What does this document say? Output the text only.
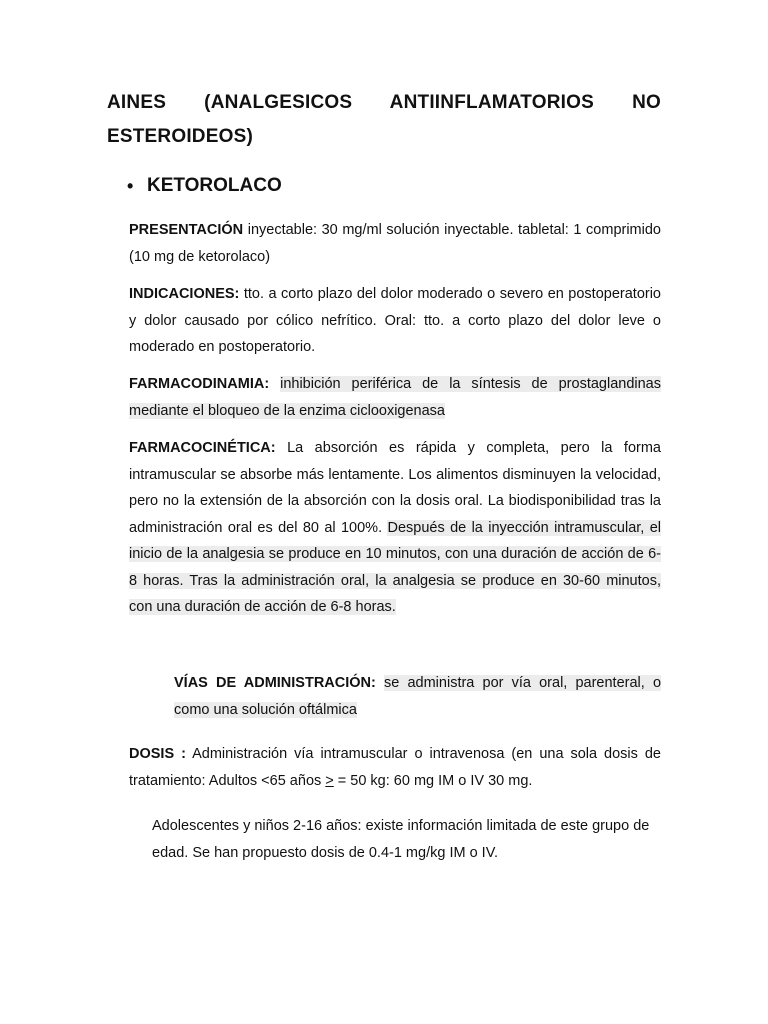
AINES (ANALGESICOS ANTIINFLAMATORIOS NO ESTEROIDEOS)
• KETOROLACO
PRESENTACIÓN inyectable: 30 mg/ml solución inyectable. tabletal: 1 comprimido (10 mg de ketorolaco)
INDICACIONES: tto. a corto plazo del dolor moderado o severo en postoperatorio y dolor causado por cólico nefrítico. Oral: tto. a corto plazo del dolor leve o moderado en postoperatorio.
FARMACODINAMIA: inhibición periférica de la síntesis de prostaglandinas mediante el bloqueo de la enzima ciclooxigenasa
FARMACOCINÉTICA: La absorción es rápida y completa, pero la forma intramuscular se absorbe más lentamente. Los alimentos disminuyen la velocidad, pero no la extensión de la absorción con la dosis oral. La biodisponibilidad tras la administración oral es del 80 al 100%. Después de la inyección intramuscular, el inicio de la analgesia se produce en 10 minutos, con una duración de acción de 6-8 horas. Tras la administración oral, la analgesia se produce en 30-60 minutos, con una duración de acción de 6-8 horas.
VÍAS DE ADMINISTRACIÓN: se administra por vía oral, parenteral, o como una solución oftálmica
DOSIS : Administración vía intramuscular o intravenosa (en una sola dosis de tratamiento: Adultos <65 años > = 50 kg: 60 mg IM o IV 30 mg.
Adolescentes y niños 2-16 años: existe información limitada de este grupo de edad. Se han propuesto dosis de 0.4-1 mg/kg IM o IV.
